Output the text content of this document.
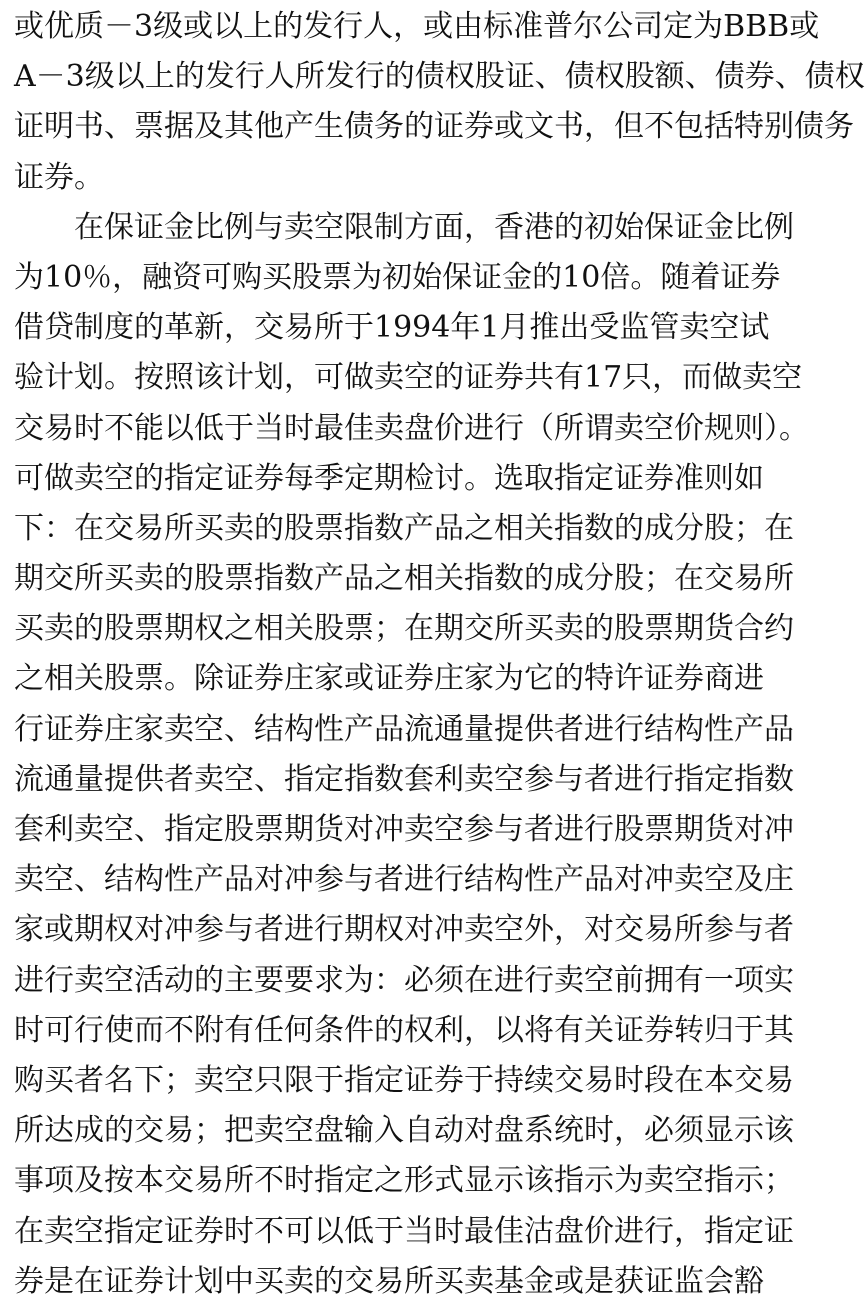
或优质－3级或以上的发行人，或由标准普尔公司定为BBB或
A－3级以上的发行人所发行的债权股证、债权股额、债券、债权
证明书、票据及其他产生债务的证券或文书，但不包括特别债务
证券。
在保证金比例与卖空限制方面，香港的初始保证金比例
为10％，融资可购买股票为初始保证金的10倍。随着证券
借贷制度的革新，交易所于1994年1月推出受监管卖空试
验计划。按照该计划，可做卖空的证券共有17只，而做卖空
交易时不能以低于当时最佳卖盘价进行（所谓卖空价规则）。
可做卖空的指定证券每季定期检讨。选取指定证券准则如
下：在交易所买卖的股票指数产品之相关指数的成分股；在
期交所买卖的股票指数产品之相关指数的成分股；在交易所
买卖的股票期权之相关股票；在期交所买卖的股票期货合约
之相关股票。除证券庄家或证券庄家为它的特许证券商进
行证券庄家卖空、结构性产品流通量提供者进行结构性产品
流通量提供者卖空、指定指数套利卖空参与者进行指定指数
套利卖空、指定股票期货对冲卖空参与者进行股票期货对冲
卖空、结构性产品对冲参与者进行结构性产品对冲卖空及庄
家或期权对冲参与者进行期权对冲卖空外，对交易所参与者
进行卖空活动的主要要求为：必须在进行卖空前拥有一项实
时可行使而不附有任何条件的权利，以将有关证券转归于其
购买者名下；卖空只限于指定证券于持续交易时段在本交易
所达成的交易；把卖空盘输入自动对盘系统时，必须显示该
事项及按本交易所不时指定之形式显示该指示为卖空指示；
在卖空指定证券时不可以低于当时最佳沽盘价进行，指定证
券是在证券计划中买卖的交易所买卖基金或是获证监会豁
